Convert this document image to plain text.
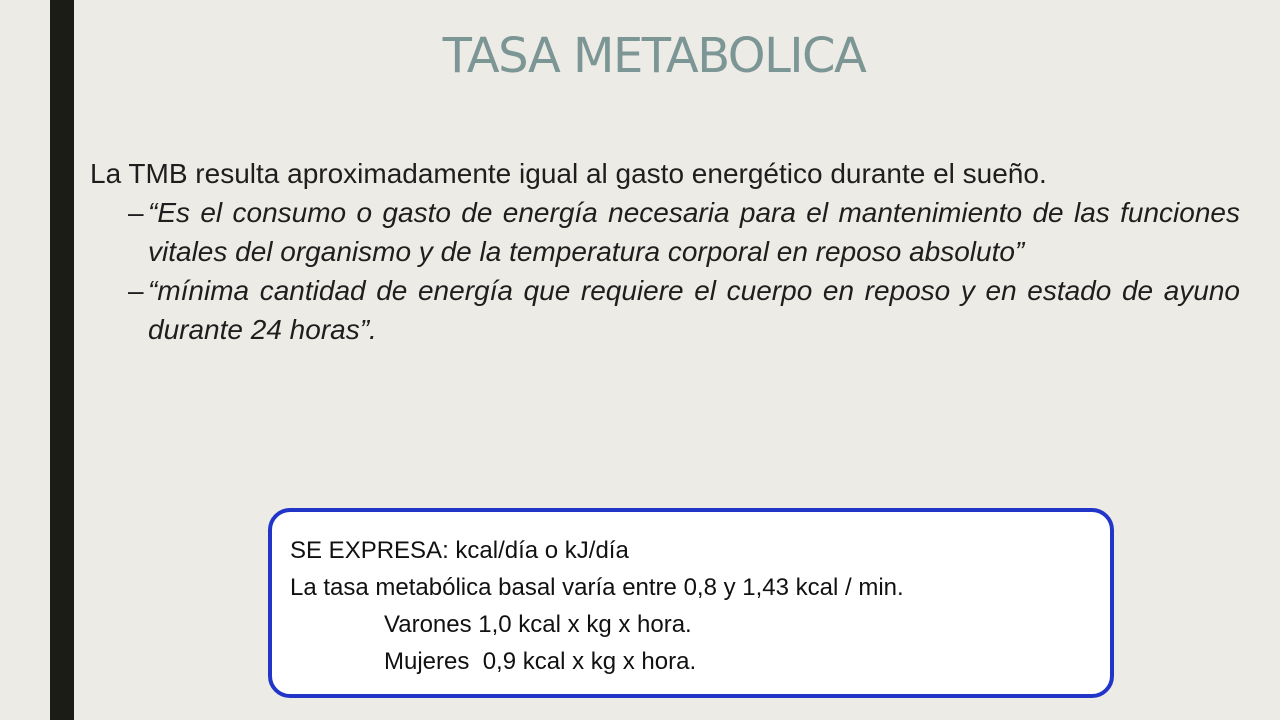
TASA METABOLICA

La TMB resulta aproximadamente igual al gasto energético durante el sueño.

– “Es el consumo o gasto de energía necesaria para el mantenimiento de las funciones vitales del organismo y de la temperatura corporal en reposo absoluto”

– “mínima cantidad de energía que requiere el cuerpo en reposo y en estado de ayuno durante 24 horas”.

SE EXPRESA: kcal/día o kJ/día

La tasa metabólica basal varía entre 0,8 y 1,43 kcal / min.

Varones 1,0 kcal x kg x hora.

Mujeres  0,9 kcal x kg x hora.
